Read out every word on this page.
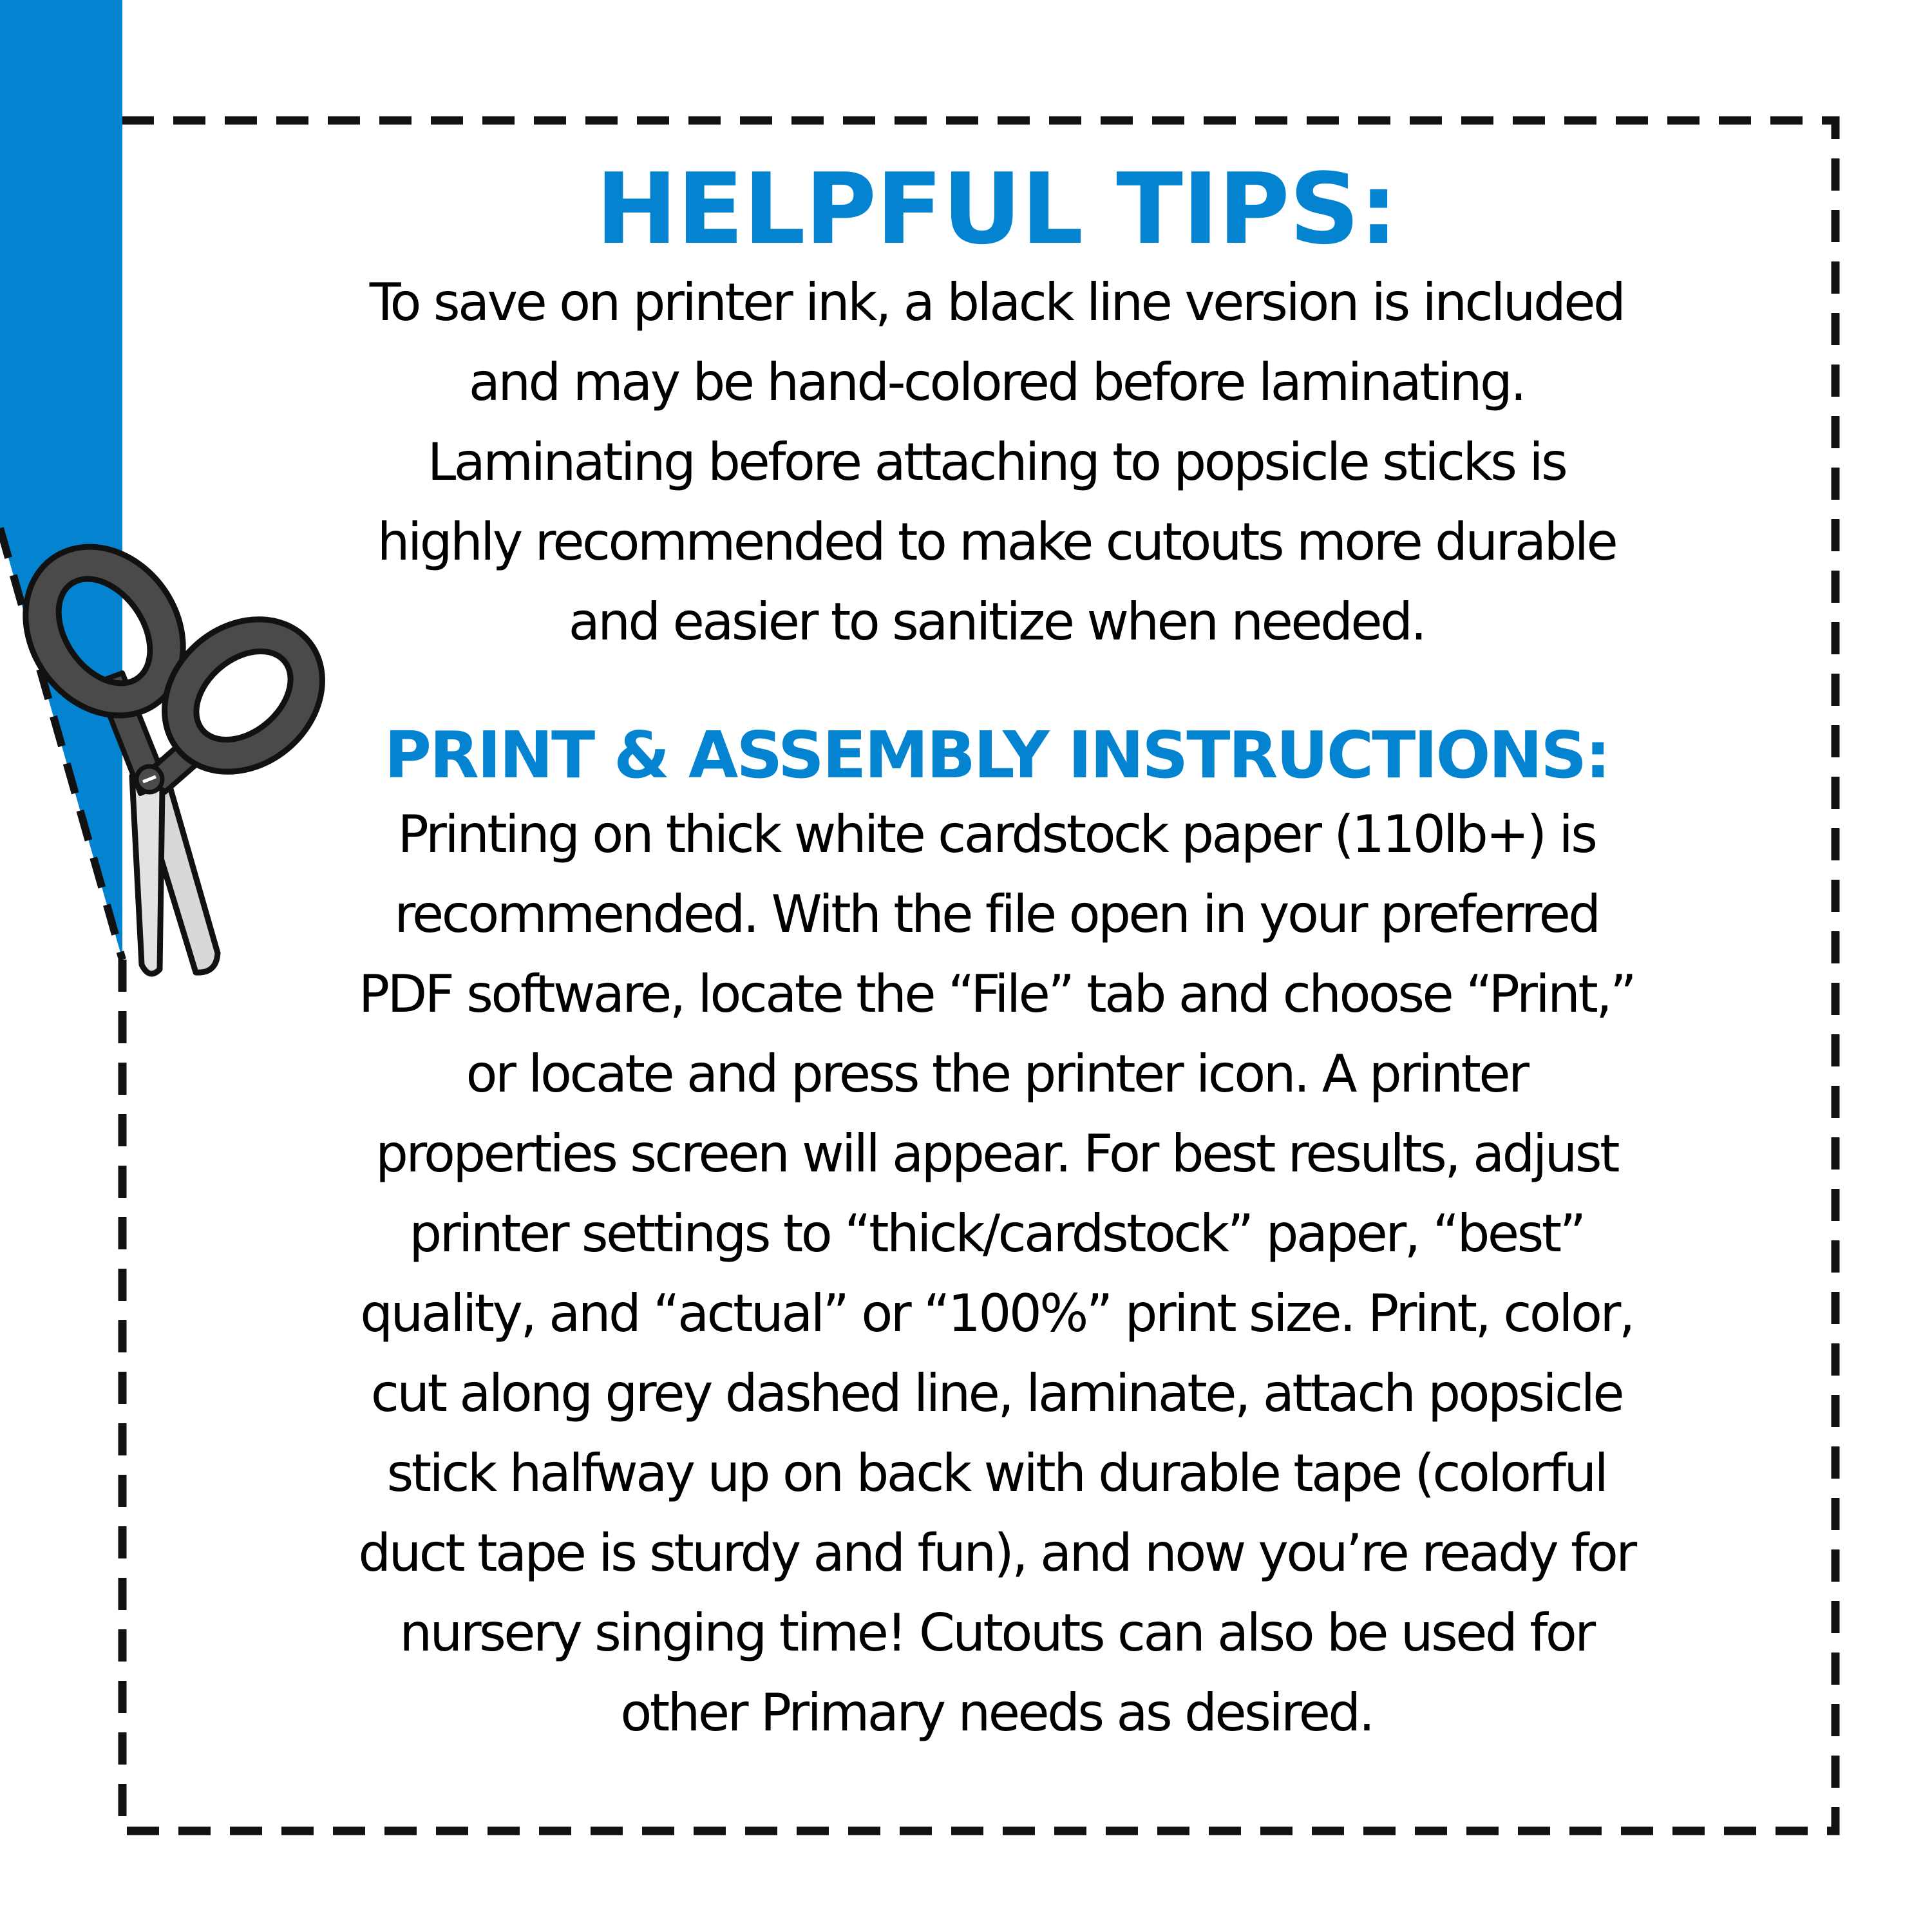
HELPFUL TIPS:
To save on printer ink, a black line version is included
and may be hand-colored before laminating.
Laminating before attaching to popsicle sticks is
highly recommended to make cutouts more durable
and easier to sanitize when needed.
PRINT & ASSEMBLY INSTRUCTIONS:
Printing on thick white cardstock paper (110lb+) is
recommended. With the file open in your preferred
PDF software, locate the “File” tab and choose “Print,”
or locate and press the printer icon. A printer
properties screen will appear. For best results, adjust
printer settings to “thick/cardstock” paper, “best”
quality, and “actual” or “100%” print size. Print, color,
cut along grey dashed line, laminate, attach popsicle
stick halfway up on back with durable tape (colorful
duct tape is sturdy and fun), and now you’re ready for
nursery singing time! Cutouts can also be used for
other Primary needs as desired.
